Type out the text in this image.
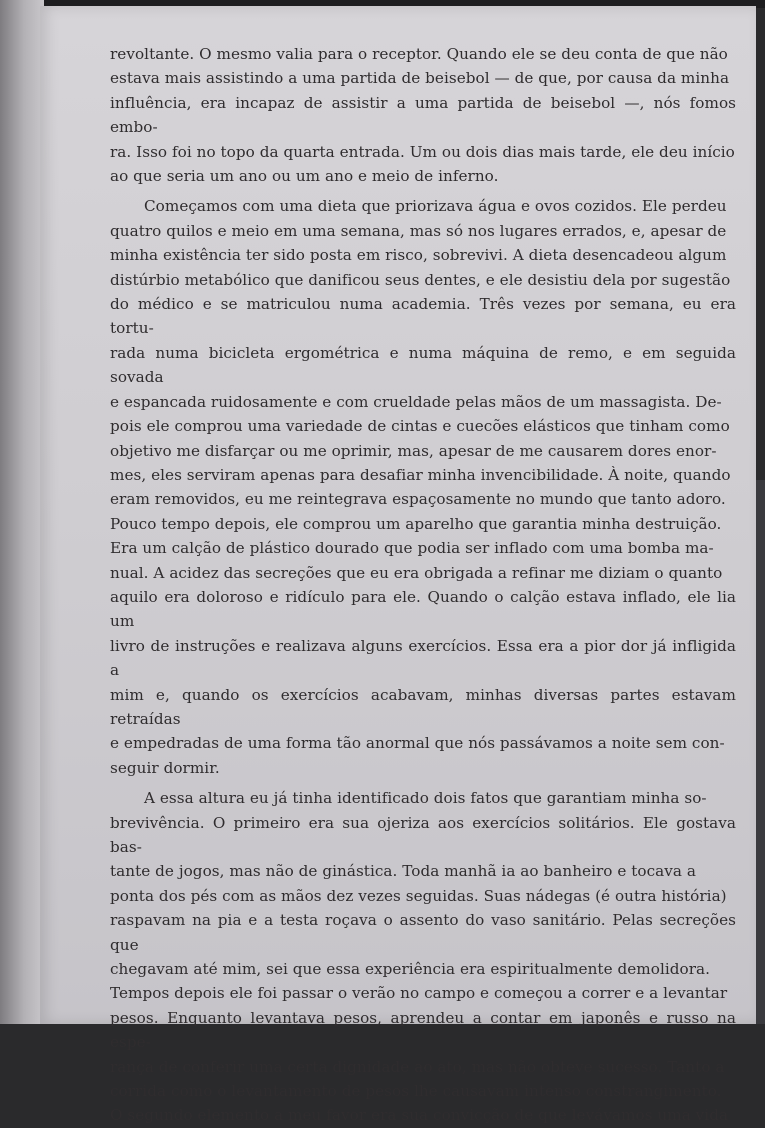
revoltante. O mesmo valia para o receptor. Quando ele se deu conta de que não
estava mais assistindo a uma partida de beisebol — de que, por causa da minha
influência, era incapaz de assistir a uma partida de beisebol —, nós fomos embo-
ra. Isso foi no topo da quarta entrada. Um ou dois dias mais tarde, ele deu início
ao que seria um ano ou um ano e meio de inferno.

Começamos com uma dieta que priorizava água e ovos cozidos. Ele perdeu
quatro quilos e meio em uma semana, mas só nos lugares errados, e, apesar de
minha existência ter sido posta em risco, sobrevivi. A dieta desencadeou algum
distúrbio metabólico que danificou seus dentes, e ele desistiu dela por sugestão
do médico e se matriculou numa academia. Três vezes por semana, eu era tortu-
rada numa bicicleta ergométrica e numa máquina de remo, e em seguida sovada
e espancada ruidosamente e com crueldade pelas mãos de um massagista. De-
pois ele comprou uma variedade de cintas e cuecões elásticos que tinham como
objetivo me disfarçar ou me oprimir, mas, apesar de me causarem dores enor-
mes, eles serviram apenas para desafiar minha invencibilidade. À noite, quando
eram removidos, eu me reintegrava espaçosamente no mundo que tanto adoro.
Pouco tempo depois, ele comprou um aparelho que garantia minha destruição.
Era um calção de plástico dourado que podia ser inflado com uma bomba ma-
nual. A acidez das secreções que eu era obrigada a refinar me diziam o quanto
aquilo era doloroso e ridículo para ele. Quando o calção estava inflado, ele lia um
livro de instruções e realizava alguns exercícios. Essa era a pior dor já infligida a
mim e, quando os exercícios acabavam, minhas diversas partes estavam retraídas
e empedradas de uma forma tão anormal que nós passávamos a noite sem con-
seguir dormir.

A essa altura eu já tinha identificado dois fatos que garantiam minha so-
brevivência. O primeiro era sua ojeriza aos exercícios solitários. Ele gostava bas-
tante de jogos, mas não de ginástica. Toda manhã ia ao banheiro e tocava a
ponta dos pés com as mãos dez vezes seguidas. Suas nádegas (é outra história)
raspavam na pia e a testa roçava o assento do vaso sanitário. Pelas secreções que
chegavam até mim, sei que essa experiência era espiritualmente demolidora.
Tempos depois ele foi passar o verão no campo e começou a correr e a levantar
pesos. Enquanto levantava pesos, aprendeu a contar em japonês e russo na espe-
rança de conferir uma certa dignidade ao ato, mas não obteve sucesso. Tanto a
corrida como o levantamento de pesos lhe causavam intenso constrangimento.
O segundo elemento a meu favor era sua convicção de que levávamos uma vida
